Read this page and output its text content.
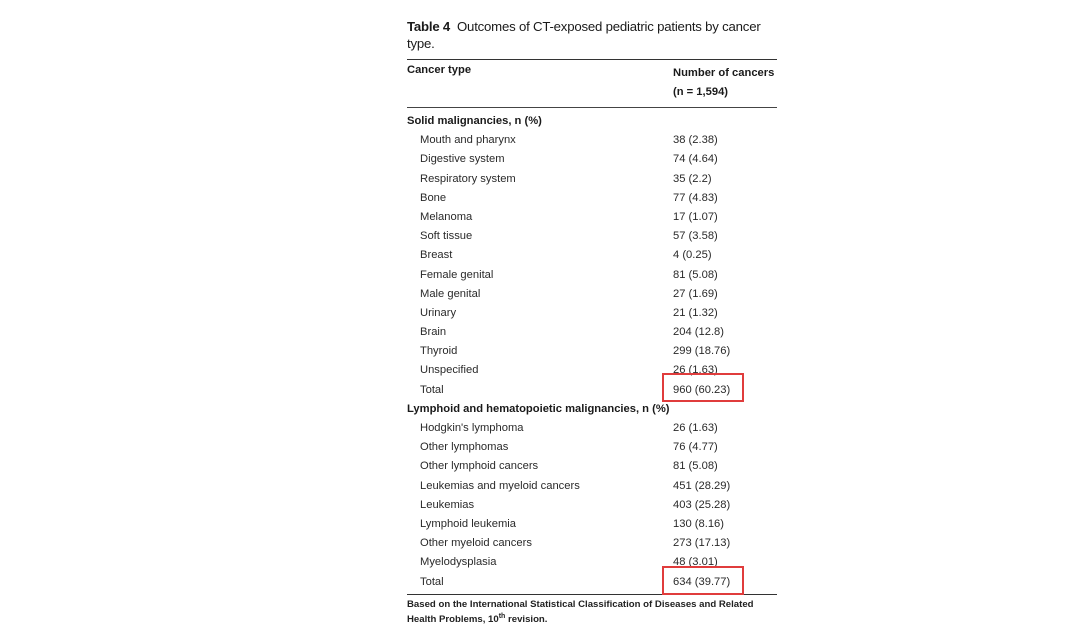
Table 4 Outcomes of CT-exposed pediatric patients by cancer type.
Cancer type	Number of cancers
(n = 1,594)
Solid malignancies, n (%)
Mouth and pharynx	38 (2.38)
Digestive system	74 (4.64)
Respiratory system	35 (2.2)
Bone	77 (4.83)
Melanoma	17 (1.07)
Soft tissue	57 (3.58)
Breast	4 (0.25)
Female genital	81 (5.08)
Male genital	27 (1.69)
Urinary	21 (1.32)
Brain	204 (12.8)
Thyroid	299 (18.76)
Unspecified	26 (1.63)
Total	960 (60.23)
Lymphoid and hematopoietic malignancies, n (%)
Hodgkin's lymphoma	26 (1.63)
Other lymphomas	76 (4.77)
Other lymphoid cancers	81 (5.08)
Leukemias and myeloid cancers	451 (28.29)
Leukemias	403 (25.28)
Lymphoid leukemia	130 (8.16)
Other myeloid cancers	273 (17.13)
Myelodysplasia	48 (3.01)
Total	634 (39.77)
Based on the International Statistical Classification of Diseases and Related Health Problems, 10th revision.
